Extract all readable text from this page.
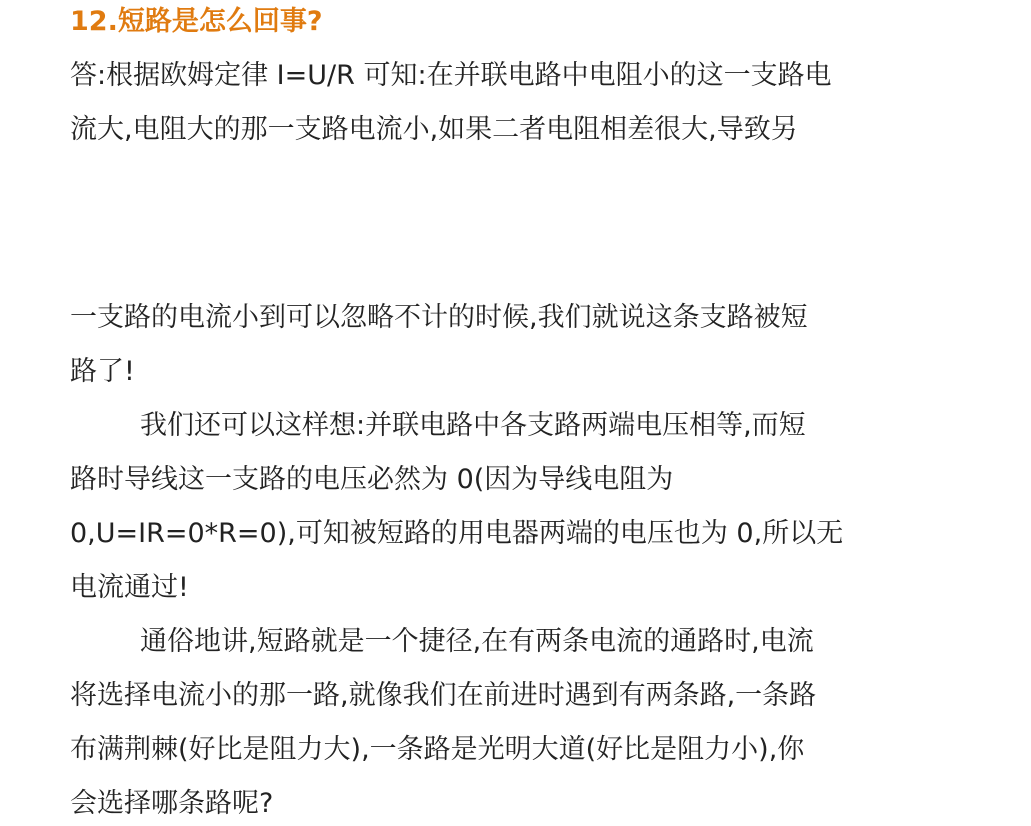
12.短路是怎么回事?
答:根据欧姆定律 I=U/R 可知:在并联电路中电阻小的这一支路电
流大,电阻大的那一支路电流小,如果二者电阻相差很大,导致另
一支路的电流小到可以忽略不计的时候,我们就说这条支路被短
路了!
我们还可以这样想:并联电路中各支路两端电压相等,而短
路时导线这一支路的电压必然为 0(因为导线电阻为
0,U=IR=0*R=0),可知被短路的用电器两端的电压也为 0,所以无
电流通过!
通俗地讲,短路就是一个捷径,在有两条电流的通路时,电流
将选择电流小的那一路,就像我们在前进时遇到有两条路,一条路
布满荆棘(好比是阻力大),一条路是光明大道(好比是阻力小),你
会选择哪条路呢?
